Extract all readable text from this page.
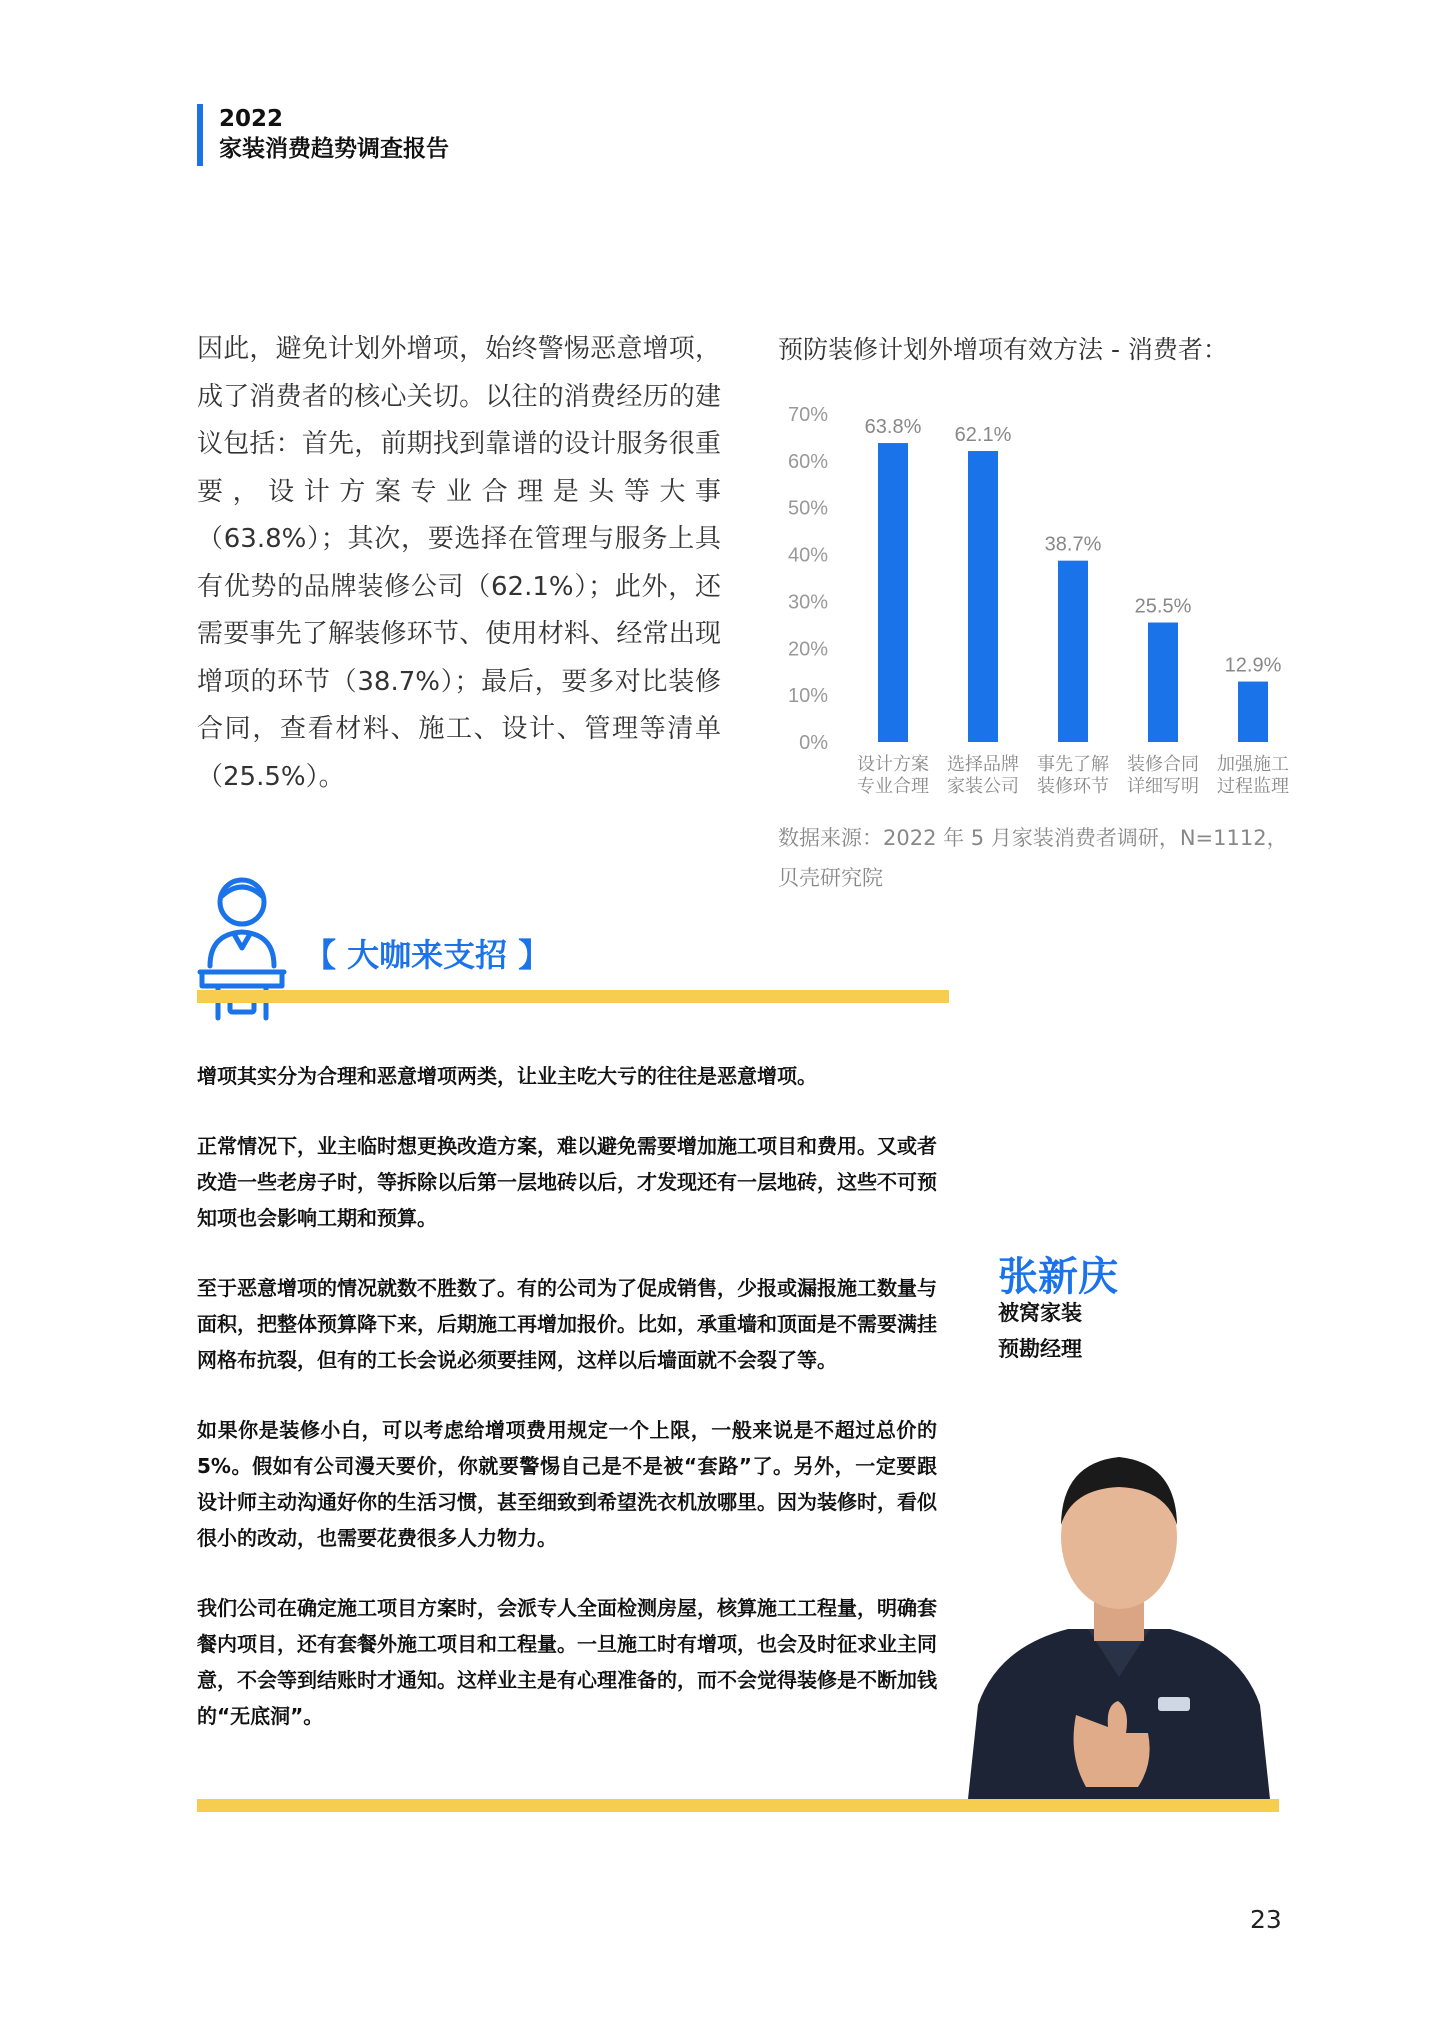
2022
家装消费趋势调查报告
因此，避免计划外增项，始终警惕恶意增项，成了消费者的核心关切。以往的消费经历的建议包括：首先，前期找到靠谱的设计服务很重要，设计方案专业合理是头等大事（63.8%）；其次，要选择在管理与服务上具有优势的品牌装修公司（62.1%）；此外，还需要事先了解装修环节、使用材料、经常出现增项的环节（38.7%）；最后，要多对比装修合同，查看材料、施工、设计、管理等清单（25.5%）。
预防装修计划外增项有效方法 - 消费者：
0%
10%
20%
30%
40%
50%
60%
70%
63.8%
设计方案
专业合理
62.1%
选择品牌
家装公司
38.7%
事先了解
装修环节
25.5%
装修合同
详细写明
12.9%
加强施工
过程监理
数据来源：2022 年 5 月家装消费者调研，N=1112，贝壳研究院
【 大咖来支招 】

增项其实分为合理和恶意增项两类，让业主吃大亏的往往是恶意增项。

正常情况下，业主临时想更换改造方案，难以避免需要增加施工项目和费用。又或者改造一些老房子时，等拆除以后第一层地砖以后，才发现还有一层地砖，这些不可预知项也会影响工期和预算。

至于恶意增项的情况就数不胜数了。有的公司为了促成销售，少报或漏报施工数量与面积，把整体预算降下来，后期施工再增加报价。比如，承重墙和顶面是不需要满挂网格布抗裂，但有的工长会说必须要挂网，这样以后墙面就不会裂了等。

如果你是装修小白，可以考虑给增项费用规定一个上限，一般来说是不超过总价的5%。假如有公司漫天要价，你就要警惕自己是不是被“套路”了。另外，一定要跟设计师主动沟通好你的生活习惯，甚至细致到希望洗衣机放哪里。因为装修时，看似很小的改动，也需要花费很多人力物力。

我们公司在确定施工项目方案时，会派专人全面检测房屋，核算施工工程量，明确套餐内项目，还有套餐外施工项目和工程量。一旦施工时有增项，也会及时征求业主同意，不会等到结账时才通知。这样业主是有心理准备的，而不会觉得装修是不断加钱的“无底洞”。

张新庆
被窝家装
预勘经理
23
